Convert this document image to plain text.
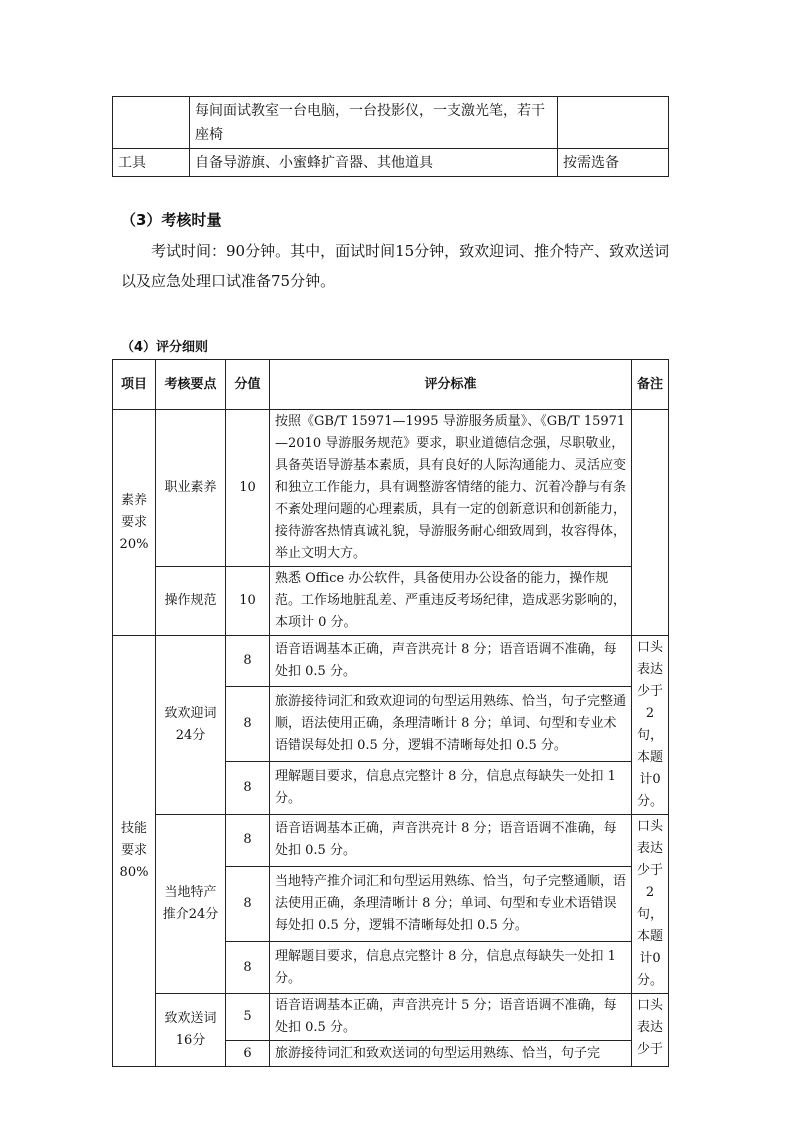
	每间面试教室一台电脑，一台投影仪，一支激光笔，若干座椅	
工具	自备导游旗、小蜜蜂扩音器、其他道具	按需选备
（3）考核时量
考试时间：90分钟。其中，面试时间15分钟，致欢迎词、推介特产、致欢送词以及应急处理口试准备75分钟。
（4）评分细则
项目	考核要点	分值	评分标准	备注
素养要求20%	职业素养	10	按照《GB/T 15971—1995 导游服务质量》、《GB/T 15971—2010 导游服务规范》要求，职业道德信念强，尽职敬业，具备英语导游基本素质，具有良好的人际沟通能力、灵活应变和独立工作能力，具有调整游客情绪的能力、沉着冷静与有条不紊处理问题的心理素质，具有一定的创新意识和创新能力，接待游客热情真诚礼貌，导游服务耐心细致周到，妆容得体，举止文明大方。	
	操作规范	10	熟悉 Office 办公软件，具备使用办公设备的能力，操作规范。工作场地脏乱差、严重违反考场纪律，造成恶劣影响的，本项计 0 分。	
技能要求80%	致欢迎词24分	8	语音语调基本正确，声音洪亮计 8 分；语音语调不准确，每处扣 0.5 分。	口头表达少于2句，本题计0分。
		8	旅游接待词汇和致欢迎词的句型运用熟练、恰当，句子完整通顺，语法使用正确，条理清晰计 8 分；单词、句型和专业术语错误每处扣 0.5 分，逻辑不清晰每处扣 0.5 分。	
		8	理解题目要求，信息点完整计 8 分，信息点每缺失一处扣 1 分。	
	当地特产推介24分	8	语音语调基本正确，声音洪亮计 8 分；语音语调不准确，每处扣 0.5 分。	口头表达少于2句，本题计0分。
		8	当地特产推介词汇和句型运用熟练、恰当，句子完整通顺，语法使用正确，条理清晰计 8 分；单词、句型和专业术语错误每处扣 0.5 分，逻辑不清晰每处扣 0.5 分。	
		8	理解题目要求，信息点完整计 8 分，信息点每缺失一处扣 1 分。	
	致欢送词16分	5	语音语调基本正确，声音洪亮计 5 分；语音语调不准确，每处扣 0.5 分。	口头表达少于
		6	旅游接待词汇和致欢送词的句型运用熟练、恰当，句子完	
